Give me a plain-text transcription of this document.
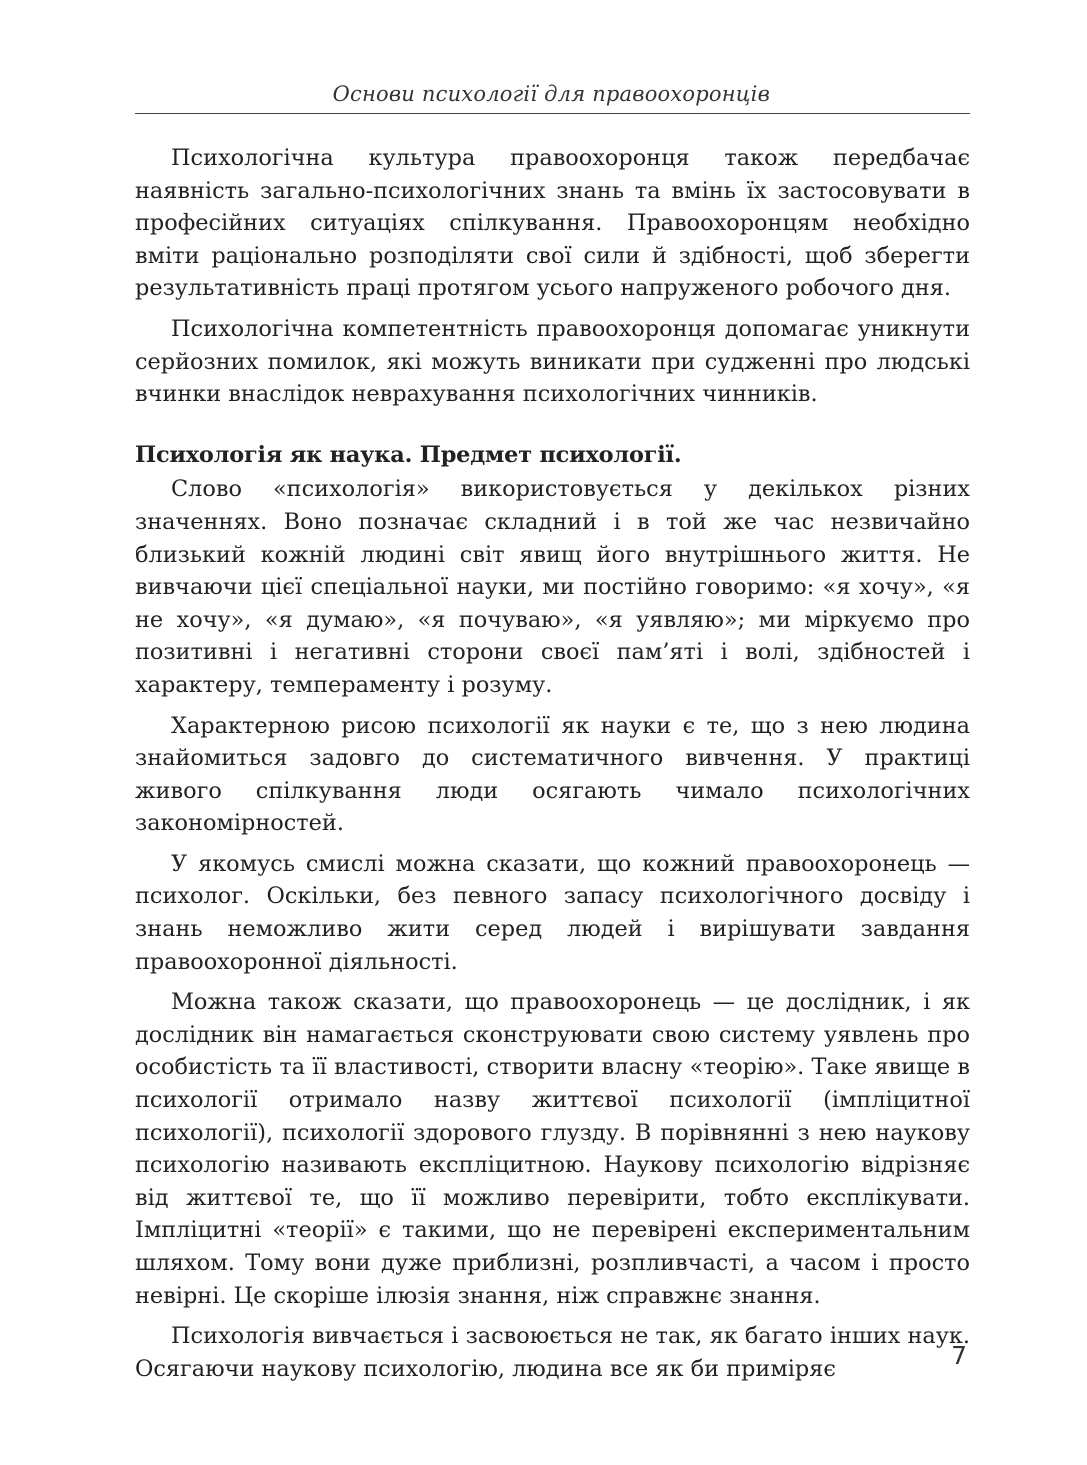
Основи психології для правоохоронців

Психологічна культура правоохоронця також передбачає наявність загально-психологічних знань та вмінь їх застосовувати в професійних ситуаціях спілкування. Правоохоронцям необхідно вміти раціонально розподіляти свої сили й здібності, щоб зберегти результативність праці протягом усього напруженого робочого дня.

Психологічна компетентність правоохоронця допомагає уникнути серйозних помилок, які можуть виникати при судженні про людські вчинки внаслідок неврахування психологічних чинників.

Психологія як наука. Предмет психології.

Слово «психологія» використовується у декількох різних значеннях. Воно позначає складний і в той же час незвичайно близький кожній людині світ явищ його внутрішнього життя. Не вивчаючи цієї спеціальної науки, ми постійно говоримо: «я хочу», «я не хочу», «я думаю», «я почуваю», «я уявляю»; ми міркуємо про позитивні і негативні сторони своєї пам’яті і волі, здібностей і характеру, темпераменту і розуму.

Характерною рисою психології як науки є те, що з нею людина знайомиться задовго до систематичного вивчення. У практиці живого спілкування люди осягають чимало психологічних закономірностей.

У якомусь смислі можна сказати, що кожний правоохоронець — психолог. Оскільки, без певного запасу психологічного досвіду і знань неможливо жити серед людей і вирішувати завдання правоохоронної діяльності.

Можна також сказати, що правоохоронець — це дослідник, і як дослідник він намагається сконструювати свою систему уявлень про особистість та її властивості, створити власну «теорію». Таке явище в психології отримало назву життєвої психології (імпліцитної психології), психології здорового глузду. В порівнянні з нею наукову психологію називають експліцитною. Наукову психологію відрізняє від життєвої те, що її можливо перевірити, тобто експлікувати. Імпліцитні «теорії» є такими, що не перевірені експериментальним шляхом. Тому вони дуже приблизні, розпливчасті, а часом і просто невірні. Це скоріше ілюзія знання, ніж справжнє знання.

Психологія вивчається і засвоюється не так, як багато інших наук. Осягаючи наукову психологію, людина все як би приміряє	7
